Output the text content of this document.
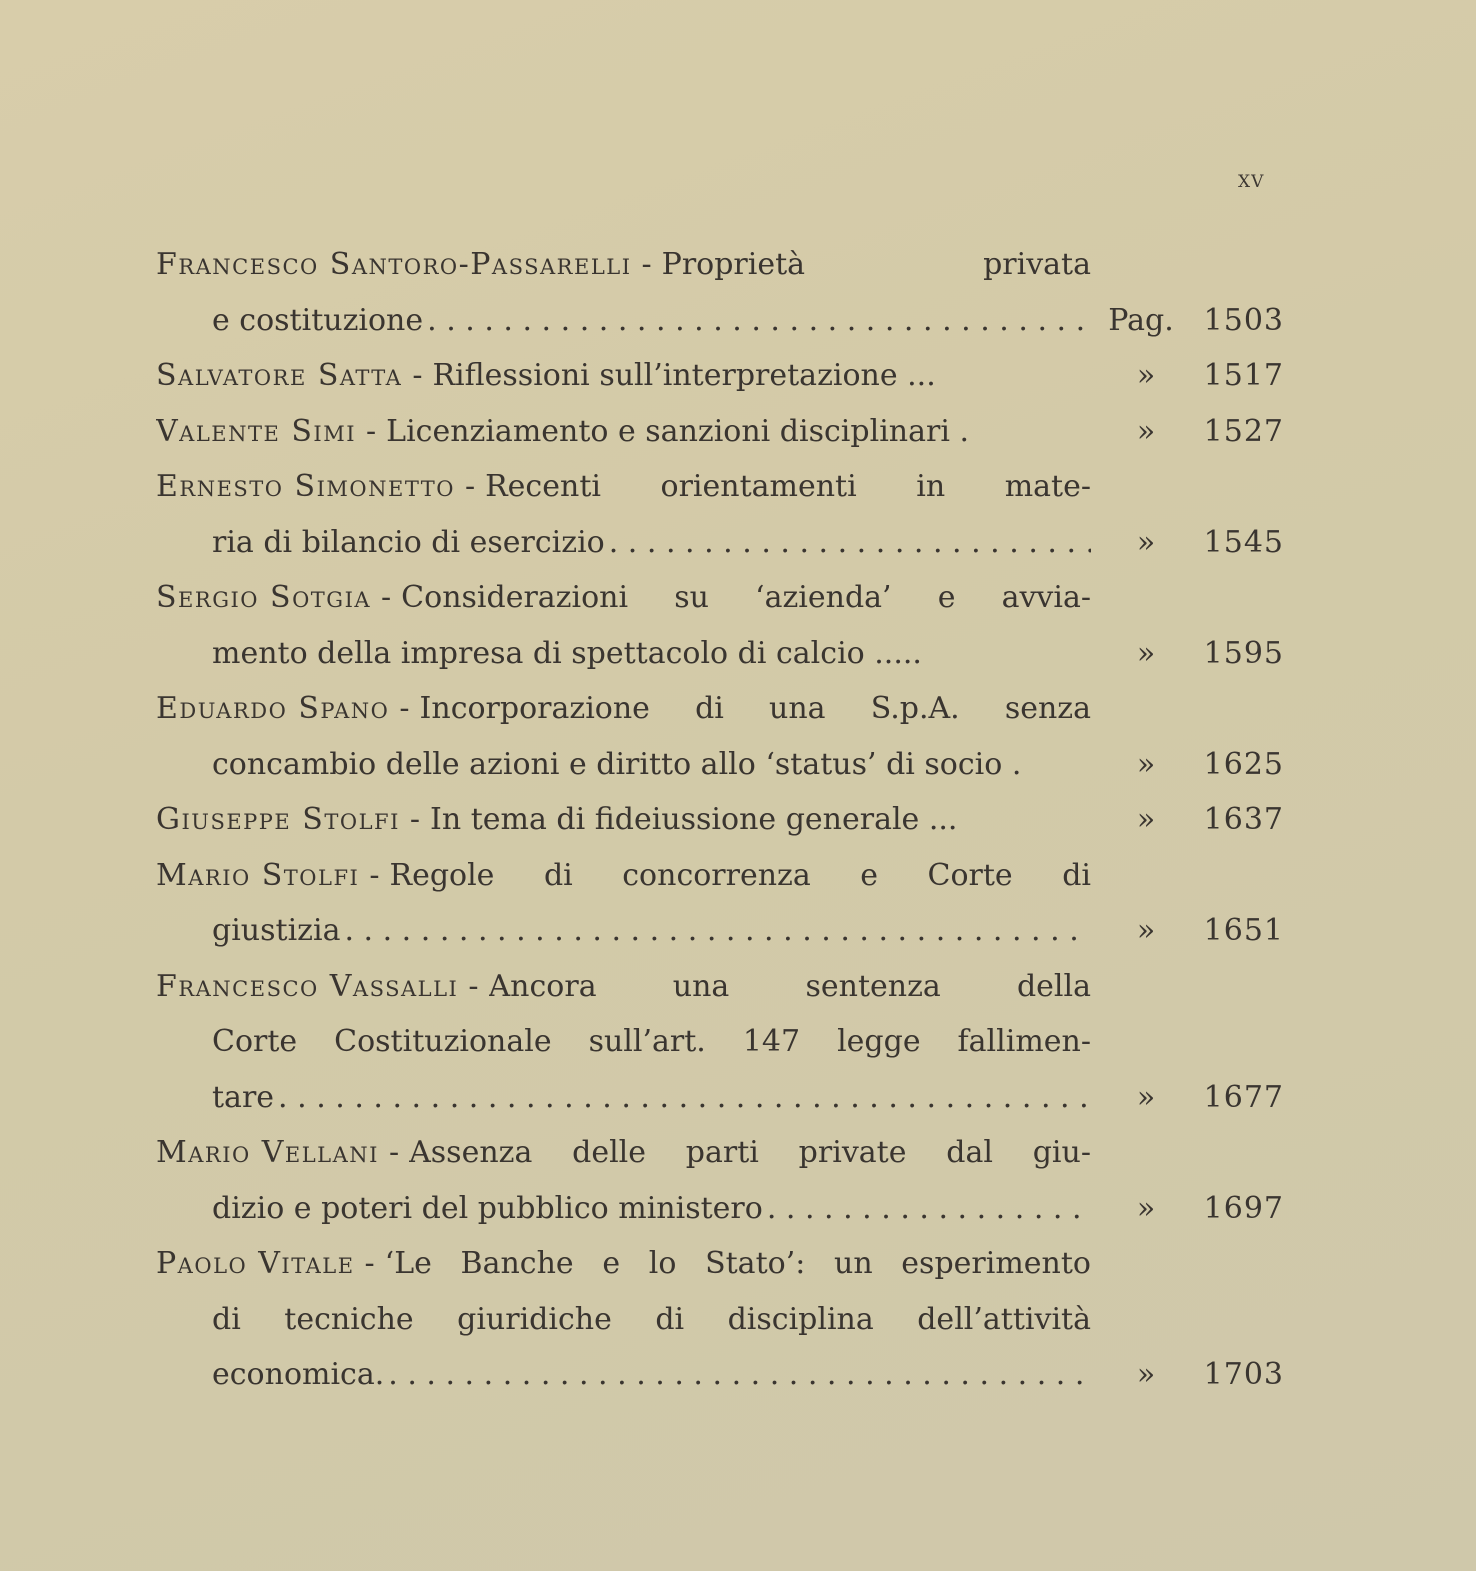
xv
Francesco Santoro-Passarelli - Proprietà privata
e costituzione . . .	Pag. 1503
Salvatore Satta - Riflessioni sull’interpretazione ...	»	1517
Valente Simi - Licenziamento e sanzioni disciplinari .	»	1527
Ernesto Simonetto - Recenti orientamenti in mate-
ria di bilancio di esercizio . . .	»	1545
Sergio Sotgia - Considerazioni su ‘azienda’ e avvia-
mento della impresa di spettacolo di calcio .....	»	1595
Eduardo Spano - Incorporazione di una S.p.A. senza
concambio delle azioni e diritto allo ‘status’ di socio .	»	1625
Giuseppe Stolfi - In tema di fideiussione generale ...	»	1637
Mario Stolfi - Regole di concorrenza e Corte di
giustizia . . .	»	1651
Francesco Vassalli - Ancora una sentenza della
Corte Costituzionale sull’art. 147 legge fallimen-
tare . . .	»	1677
Mario Vellani - Assenza delle parti private dal giu-
dizio e poteri del pubblico ministero . . .	»	1697
Paolo Vitale - ‘Le Banche e lo Stato’: un esperimento
di tecniche giuridiche di disciplina dell’attività
economica. . . .	»	1703
